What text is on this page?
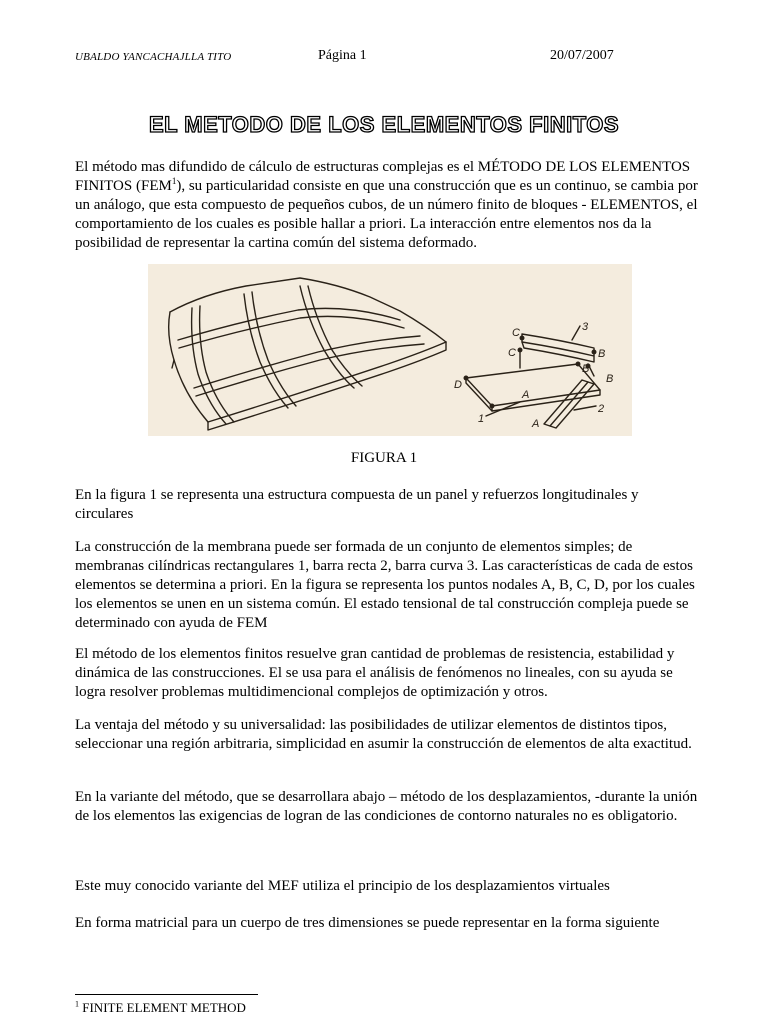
UBALDO YANCACHAJLLA TITO	Página 1	20/07/2007
EL METODO DE LOS ELEMENTOS FINITOS
El método mas difundido de cálculo de estructuras complejas es el MÉTODO DE LOS ELEMENTOS FINITOS (FEM$^1$), su particularidad consiste en que una construcción que es un continuo, se cambia por un análogo, que esta compuesto de pequeños cubos, de un número finito de bloques - ELEMENTOS, el comportamiento de los cuales es posible hallar a priori. La interacción entre elementos nos da la posibilidad de representar la cartina común del sistema deformado.
C
C
3
B
B
B
D
A
A
1
2
FIGURA 1
En la figura 1 se representa una estructura compuesta de un panel y refuerzos longitudinales y circulares
La construcción de la membrana puede ser formada de un conjunto de elementos simples; de membranas cilíndricas rectangulares 1, barra recta 2, barra curva 3. Las características de cada de estos elementos se determina a priori. En la figura se representa los puntos nodales A, B, C, D, por los cuales los elementos se unen en un sistema común. El estado tensional de tal construcción compleja puede se determinado con ayuda de FEM
El método de los elementos finitos resuelve gran cantidad de problemas de resistencia, estabilidad y dinámica de las construcciones. El se usa para el análisis de fenómenos no lineales, con su ayuda se logra resolver problemas multidimencional complejos de optimización y otros.
La ventaja del método y su universalidad: las posibilidades de utilizar elementos de distintos tipos, seleccionar una región arbitraria, simplicidad en asumir la construcción de elementos de alta exactitud.
En la variante del método, que se desarrollara abajo – método de los desplazamientos, -durante la unión de los elementos las exigencias de logran de las condiciones de contorno naturales no es obligatorio.
Este muy conocido variante del MEF utiliza el principio de los desplazamientos virtuales
En forma matricial para un cuerpo de tres dimensiones se puede representar en la forma siguiente
$^1$ FINITE ELEMENT METHOD
